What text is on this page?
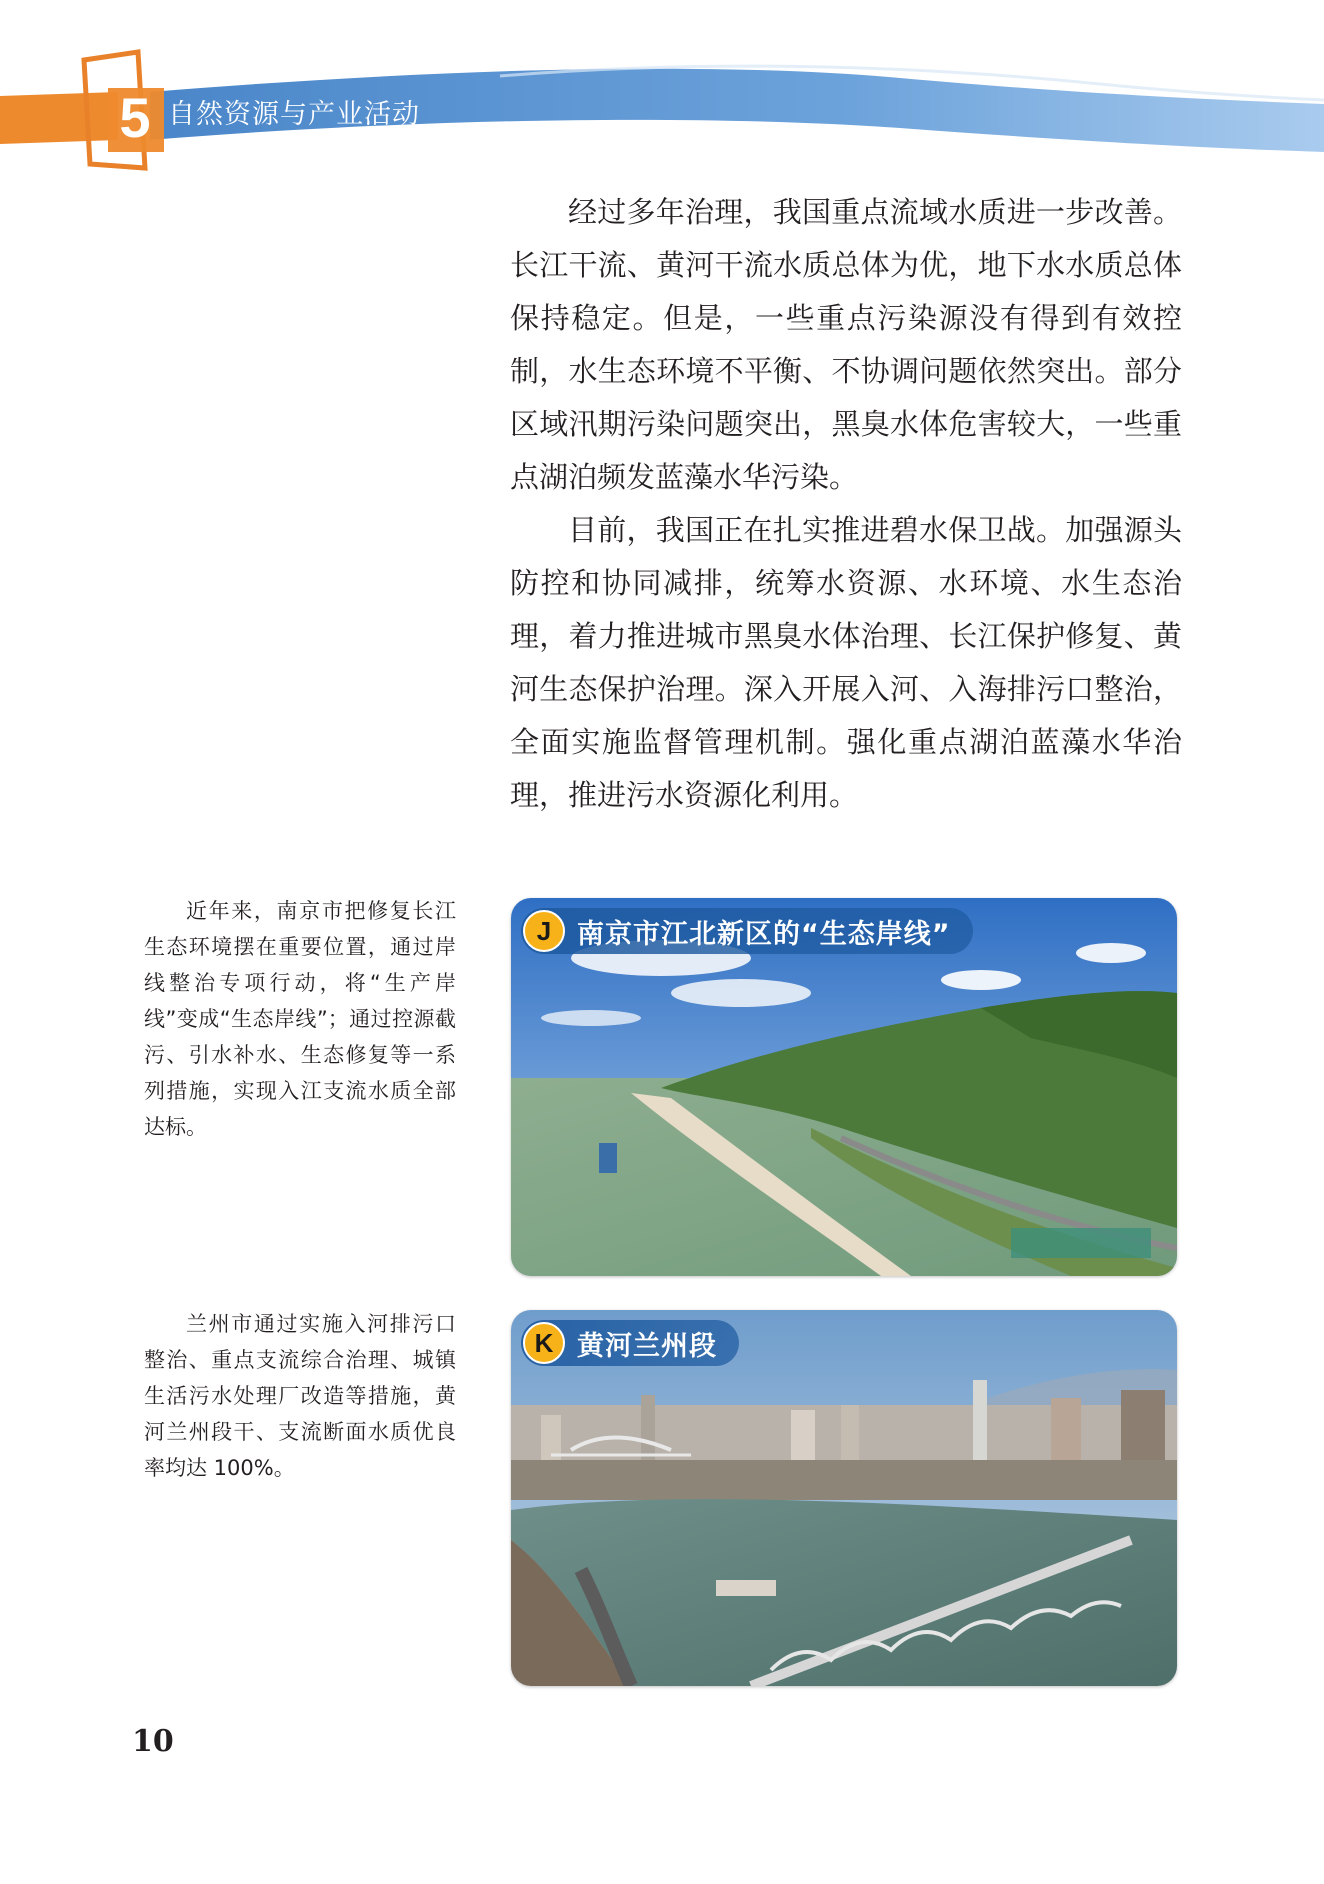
5 自然资源与产业活动

经过多年治理，我国重点流域水质进一步改善。长江干流、黄河干流水质总体为优，地下水水质总体保持稳定。但是，一些重点污染源没有得到有效控制，水生态环境不平衡、不协调问题依然突出。部分区域汛期污染问题突出，黑臭水体危害较大，一些重点湖泊频发蓝藻水华污染。

目前，我国正在扎实推进碧水保卫战。加强源头防控和协同减排，统筹水资源、水环境、水生态治理，着力推进城市黑臭水体治理、长江保护修复、黄河生态保护治理。深入开展入河、入海排污口整治，全面实施监督管理机制。强化重点湖泊蓝藻水华治理，推进污水资源化利用。

近年来，南京市把修复长江生态环境摆在重要位置，通过岸线整治专项行动，将“生产岸线”变成“生态岸线”；通过控源截污、引水补水、生态修复等一系列措施，实现入江支流水质全部达标。
J 南京市江北新区的“生态岸线”
兰州市通过实施入河排污口整治、重点支流综合治理、城镇生活污水处理厂改造等措施，黄河兰州段干、支流断面水质优良率均达 100%。
K 黄河兰州段
10
